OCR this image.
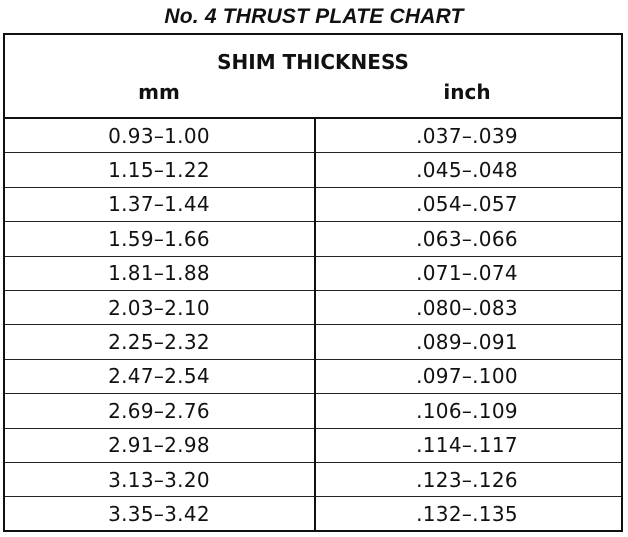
No. 4 THRUST PLATE CHART
SHIM THICKNESS
mm	inch
0.93–1.00	.037–.039
1.15–1.22	.045–.048
1.37–1.44	.054–.057
1.59–1.66	.063–.066
1.81–1.88	.071–.074
2.03–2.10	.080–.083
2.25–2.32	.089–.091
2.47–2.54	.097–.100
2.69–2.76	.106–.109
2.91–2.98	.114–.117
3.13–3.20	.123–.126
3.35–3.42	.132–.135
